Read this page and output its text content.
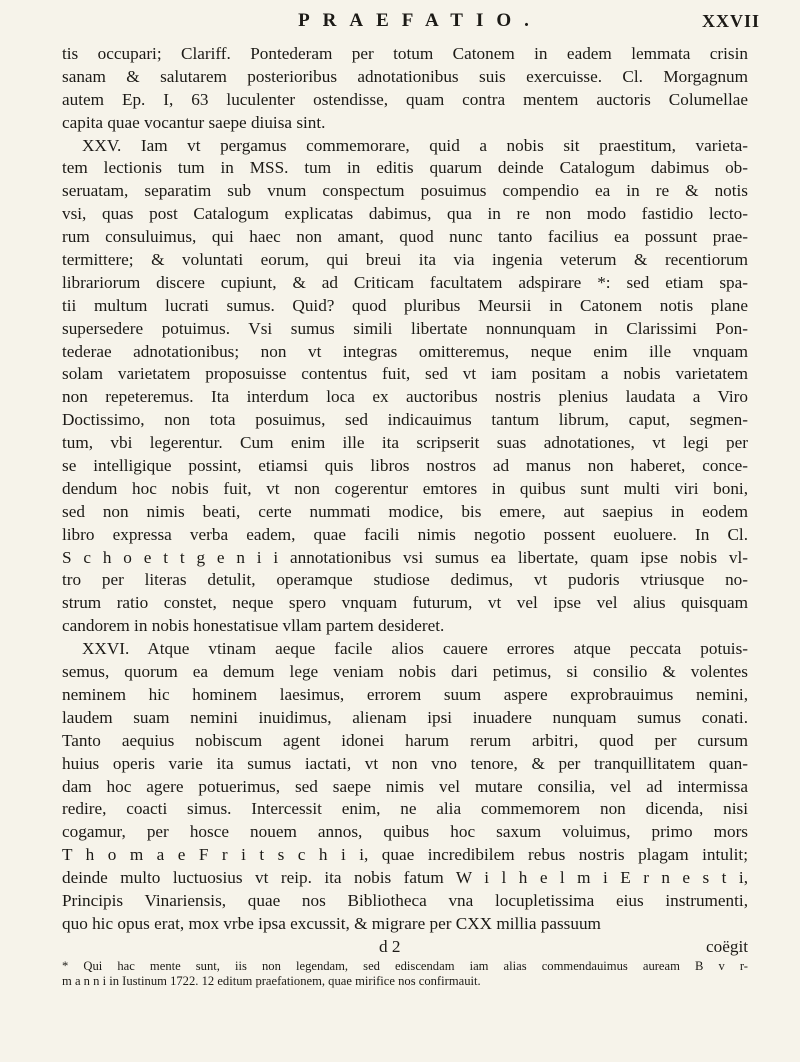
PRAEFATIO.	XXVII
tis occupari; Clariff. Pontederam per totum Catonem in eadem lemmata crisin
sanam & salutarem posterioribus adnotationibus suis exercuisse. Cl. Morgagnum
autem Ep. I, 63 luculenter ostendisse, quam contra mentem auctoris Columellae
capita quae vocantur saepe diuisa sint.
XXV. Iam vt pergamus commemorare, quid a nobis sit praestitum, varieta-
tem lectionis tum in MSS. tum in editis quarum deinde Catalogum dabimus ob-
seruatam, separatim sub vnum conspectum posuimus compendio ea in re & notis
vsi, quas post Catalogum explicatas dabimus, qua in re non modo fastidio lecto-
rum consuluimus, qui haec non amant, quod nunc tanto facilius ea possunt prae-
termittere; & voluntati eorum, qui breui ita via ingenia veterum & recentiorum
librariorum discere cupiunt, & ad Criticam facultatem adspirare *: sed etiam spa-
tii multum lucrati sumus. Quid? quod pluribus Meursii in Catonem notis plane
supersedere potuimus. Vsi sumus simili libertate nonnunquam in Clarissimi Pon-
tederae adnotationibus; non vt integras omitteremus, neque enim ille vnquam
solam varietatem proposuisse contentus fuit, sed vt iam positam a nobis varietatem
non repeteremus. Ita interdum loca ex auctoribus nostris plenius laudata a Viro
Doctissimo, non tota posuimus, sed indicauimus tantum librum, caput, segmen-
tum, vbi legerentur. Cum enim ille ita scripserit suas adnotationes, vt legi per
se intelligique possint, etiamsi quis libros nostros ad manus non haberet, conce-
dendum hoc nobis fuit, vt non cogerentur emtores in quibus sunt multi viri boni,
sed non nimis beati, certe nummati modice, bis emere, aut saepius in eodem
libro expressa verba eadem, quae facili nimis negotio possent euoluere. In Cl.
S c h o e t t g e n i i annotationibus vsi sumus ea libertate, quam ipse nobis vl-
tro per literas detulit, operamque studiose dedimus, vt pudoris vtriusque no-
strum ratio constet, neque spero vnquam futurum, vt vel ipse vel alius quisquam
candorem in nobis honestatisue vllam partem desideret.
XXVI. Atque vtinam aeque facile alios cauere errores atque peccata potuis-
semus, quorum ea demum lege veniam nobis dari petimus, si consilio & volentes
neminem hic hominem laesimus, errorem suum aspere exprobrauimus nemini,
laudem suam nemini inuidimus, alienam ipsi inuadere nunquam sumus conati.
Tanto aequius nobiscum agent idonei harum rerum arbitri, quod per cursum
huius operis varie ita sumus iactati, vt non vno tenore, & per tranquillitatem quan-
dam hoc agere potuerimus, sed saepe nimis vel mutare consilia, vel ad intermissa
redire, coacti simus. Intercessit enim, ne alia commemorem non dicenda, nisi
cogamur, per hosce nouem annos, quibus hoc saxum voluimus, primo mors
T h o m a e F r i t s c h i i, quae incredibilem rebus nostris plagam intulit;
deinde multo luctuosius vt reip. ita nobis fatum W i l h e l m i E r n e s t i,
Principis Vinariensis, quae nos Bibliotheca vna locupletissima eius instrumenti,
quo hic opus erat, mox vrbe ipsa excussit, & migrare per CXX millia passuum
d 2	coëgit
* Qui hac mente sunt, iis non legendam, sed ediscendam iam alias commendauimus auream B v r-
m a n n i in Iustinum 1722. 12 editum praefationem, quae mirifice nos confirmauit.
